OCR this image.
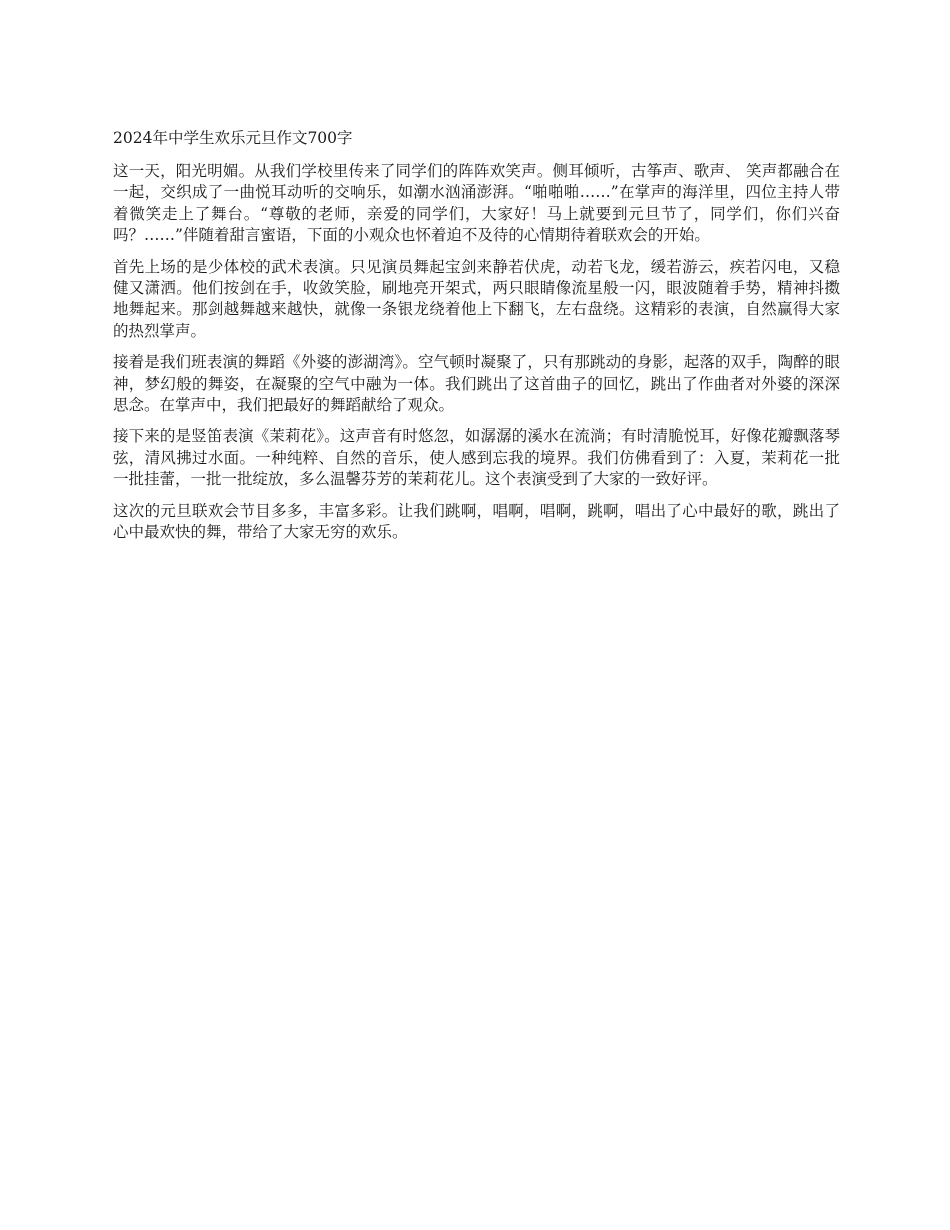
2024年中学生欢乐元旦作文700字

这一天，阳光明媚。从我们学校里传来了同学们的阵阵欢笑声。侧耳倾听，古筝声、歌声、 笑声都融合在一起，交织成了一曲悦耳动听的交响乐，如潮水汹涌澎湃。“啪啪啪……”在掌声的海洋里，四位主持人带着微笑走上了舞台。“尊敬的老师，亲爱的同学们，大家好！马上就要到元旦节了，同学们，你们兴奋吗？……”伴随着甜言蜜语，下面的小观众也怀着迫不及待的心情期待着联欢会的开始。

首先上场的是少体校的武术表演。只见演员舞起宝剑来静若伏虎，动若飞龙，缓若游云，疾若闪电，又稳健又潇洒。他们按剑在手，收敛笑脸，刷地亮开架式，两只眼睛像流星般一闪，眼波随着手势，精神抖擞地舞起来。那剑越舞越来越快，就像一条银龙绕着他上下翻飞，左右盘绕。这精彩的表演，自然赢得大家的热烈掌声。

接着是我们班表演的舞蹈《外婆的澎湖湾》。空气顿时凝聚了，只有那跳动的身影，起落的双手，陶醉的眼神，梦幻般的舞姿，在凝聚的空气中融为一体。我们跳出了这首曲子的回忆，跳出了作曲者对外婆的深深思念。在掌声中，我们把最好的舞蹈献给了观众。

接下来的是竖笛表演《茉莉花》。这声音有时悠忽，如潺潺的溪水在流淌；有时清脆悦耳，好像花瓣飘落琴弦，清风拂过水面。一种纯粹、自然的音乐，使人感到忘我的境界。我们仿佛看到了：入夏，茉莉花一批一批挂蕾，一批一批绽放，多么温馨芬芳的茉莉花儿。这个表演受到了大家的一致好评。

这次的元旦联欢会节目多多，丰富多彩。让我们跳啊，唱啊，唱啊，跳啊，唱出了心中最好的歌，跳出了心中最欢快的舞，带给了大家无穷的欢乐。
